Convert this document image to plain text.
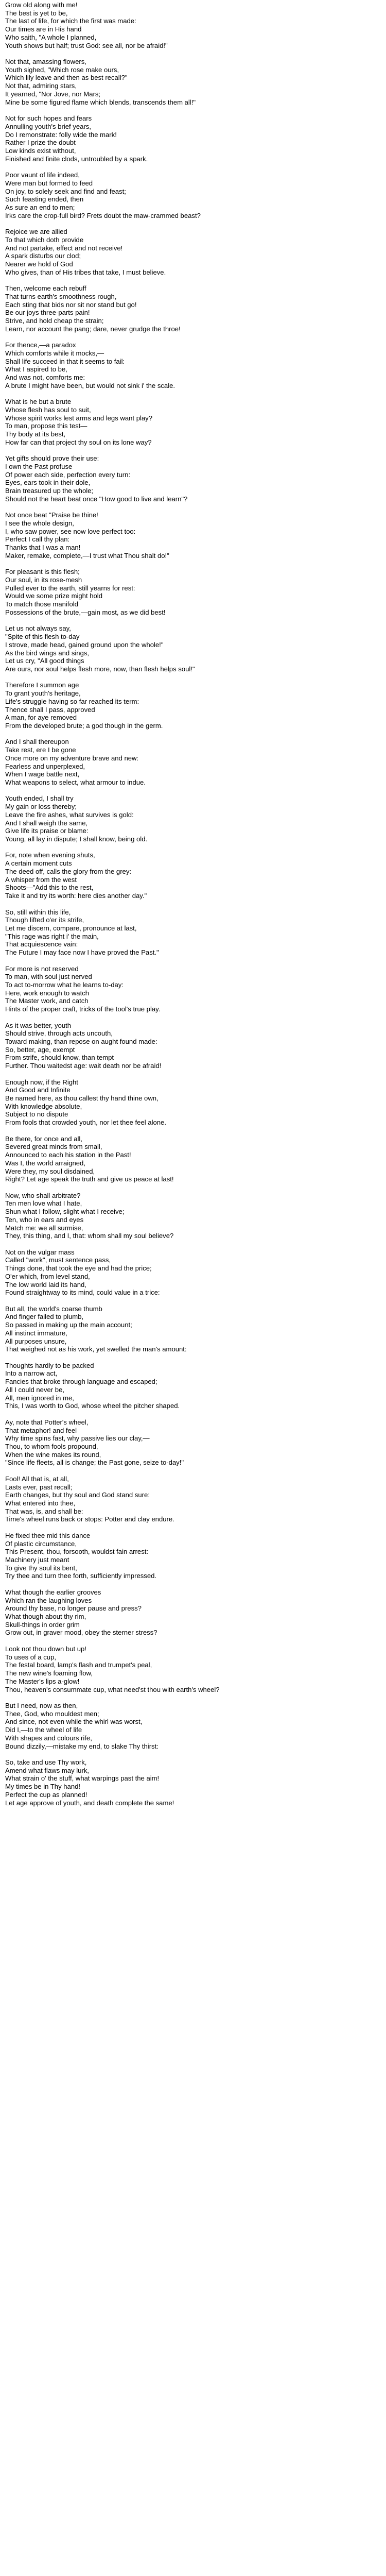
Grow old along with me!
The best is yet to be,
The last of life, for which the first was made:
Our times are in His hand
Who saith, "A whole I planned,
Youth shows but half; trust God: see all, nor be afraid!"
Not that, amassing flowers,
Youth sighed, "Which rose make ours,
Which lily leave and then as best recall?"
Not that, admiring stars,
It yearned, "Nor Jove, nor Mars;
Mine be some figured flame which blends, transcends them all!"
Not for such hopes and fears
Annulling youth's brief years,
Do I remonstrate: folly wide the mark!
Rather I prize the doubt
Low kinds exist without,
Finished and finite clods, untroubled by a spark.
Poor vaunt of life indeed,
Were man but formed to feed
On joy, to solely seek and find and feast;
Such feasting ended, then
As sure an end to men;
Irks care the crop-full bird? Frets doubt the maw-crammed beast?
Rejoice we are allied
To that which doth provide
And not partake, effect and not receive!
A spark disturbs our clod;
Nearer we hold of God
Who gives, than of His tribes that take, I must believe.
Then, welcome each rebuff
That turns earth's smoothness rough,
Each sting that bids nor sit nor stand but go!
Be our joys three-parts pain!
Strive, and hold cheap the strain;
Learn, nor account the pang; dare, never grudge the throe!
For thence,—a paradox
Which comforts while it mocks,—
Shall life succeed in that it seems to fail:
What I aspired to be,
And was not, comforts me:
A brute I might have been, but would not sink i' the scale.
What is he but a brute
Whose flesh has soul to suit,
Whose spirit works lest arms and legs want play?
To man, propose this test—
Thy body at its best,
How far can that project thy soul on its lone way?
Yet gifts should prove their use:
I own the Past profuse
Of power each side, perfection every turn:
Eyes, ears took in their dole,
Brain treasured up the whole;
Should not the heart beat once "How good to live and learn"?
Not once beat "Praise be thine!
I see the whole design,
I, who saw power, see now love perfect too:
Perfect I call thy plan:
Thanks that I was a man!
Maker, remake, complete,—I trust what Thou shalt do!"
For pleasant is this flesh;
Our soul, in its rose-mesh
Pulled ever to the earth, still yearns for rest:
Would we some prize might hold
To match those manifold
Possessions of the brute,—gain most, as we did best!
Let us not always say,
"Spite of this flesh to-day
I strove, made head, gained ground upon the whole!"
As the bird wings and sings,
Let us cry, "All good things
Are ours, nor soul helps flesh more, now, than flesh helps soul!"
Therefore I summon age
To grant youth's heritage,
Life's struggle having so far reached its term:
Thence shall I pass, approved
A man, for aye removed
From the developed brute; a god though in the germ.
And I shall thereupon
Take rest, ere I be gone
Once more on my adventure brave and new:
Fearless and unperplexed,
When I wage battle next,
What weapons to select, what armour to indue.
Youth ended, I shall try
My gain or loss thereby;
Leave the fire ashes, what survives is gold:
And I shall weigh the same,
Give life its praise or blame:
Young, all lay in dispute; I shall know, being old.
For, note when evening shuts,
A certain moment cuts
The deed off, calls the glory from the grey:
A whisper from the west
Shoots—"Add this to the rest,
Take it and try its worth: here dies another day."
So, still within this life,
Though lifted o'er its strife,
Let me discern, compare, pronounce at last,
"This rage was right i' the main,
That acquiescence vain:
The Future I may face now I have proved the Past."
For more is not reserved
To man, with soul just nerved
To act to-morrow what he learns to-day:
Here, work enough to watch
The Master work, and catch
Hints of the proper craft, tricks of the tool's true play.
As it was better, youth
Should strive, through acts uncouth,
Toward making, than repose on aught found made:
So, better, age, exempt
From strife, should know, than tempt
Further. Thou waitedst age: wait death nor be afraid!
Enough now, if the Right
And Good and Infinite
Be named here, as thou callest thy hand thine own,
With knowledge absolute,
Subject to no dispute
From fools that crowded youth, nor let thee feel alone.
Be there, for once and all,
Severed great minds from small,
Announced to each his station in the Past!
Was I, the world arraigned,
Were they, my soul disdained,
Right? Let age speak the truth and give us peace at last!
Now, who shall arbitrate?
Ten men love what I hate,
Shun what I follow, slight what I receive;
Ten, who in ears and eyes
Match me: we all surmise,
They, this thing, and I, that: whom shall my soul believe?
Not on the vulgar mass
Called "work", must sentence pass,
Things done, that took the eye and had the price;
O'er which, from level stand,
The low world laid its hand,
Found straightway to its mind, could value in a trice:
But all, the world's coarse thumb
And finger failed to plumb,
So passed in making up the main account;
All instinct immature,
All purposes unsure,
That weighed not as his work, yet swelled the man's amount:
Thoughts hardly to be packed
Into a narrow act,
Fancies that broke through language and escaped;
All I could never be,
All, men ignored in me,
This, I was worth to God, whose wheel the pitcher shaped.
Ay, note that Potter's wheel,
That metaphor! and feel
Why time spins fast, why passive lies our clay,—
Thou, to whom fools propound,
When the wine makes its round,
"Since life fleets, all is change; the Past gone, seize to-day!"
Fool! All that is, at all,
Lasts ever, past recall;
Earth changes, but thy soul and God stand sure:
What entered into thee,
That was, is, and shall be:
Time's wheel runs back or stops: Potter and clay endure.
He fixed thee mid this dance
Of plastic circumstance,
This Present, thou, forsooth, wouldst fain arrest:
Machinery just meant
To give thy soul its bent,
Try thee and turn thee forth, sufficiently impressed.
What though the earlier grooves
Which ran the laughing loves
Around thy base, no longer pause and press?
What though about thy rim,
Skull-things in order grim
Grow out, in graver mood, obey the sterner stress?
Look not thou down but up!
To uses of a cup,
The festal board, lamp's flash and trumpet's peal,
The new wine's foaming flow,
The Master's lips a-glow!
Thou, heaven's consummate cup, what need'st thou with earth's wheel?
But I need, now as then,
Thee, God, who mouldest men;
And since, not even while the whirl was worst,
Did I,—to the wheel of life
With shapes and colours rife,
Bound dizzily,—mistake my end, to slake Thy thirst:
So, take and use Thy work,
Amend what flaws may lurk,
What strain o' the stuff, what warpings past the aim!
My times be in Thy hand!
Perfect the cup as planned!
Let age approve of youth, and death complete the same!
